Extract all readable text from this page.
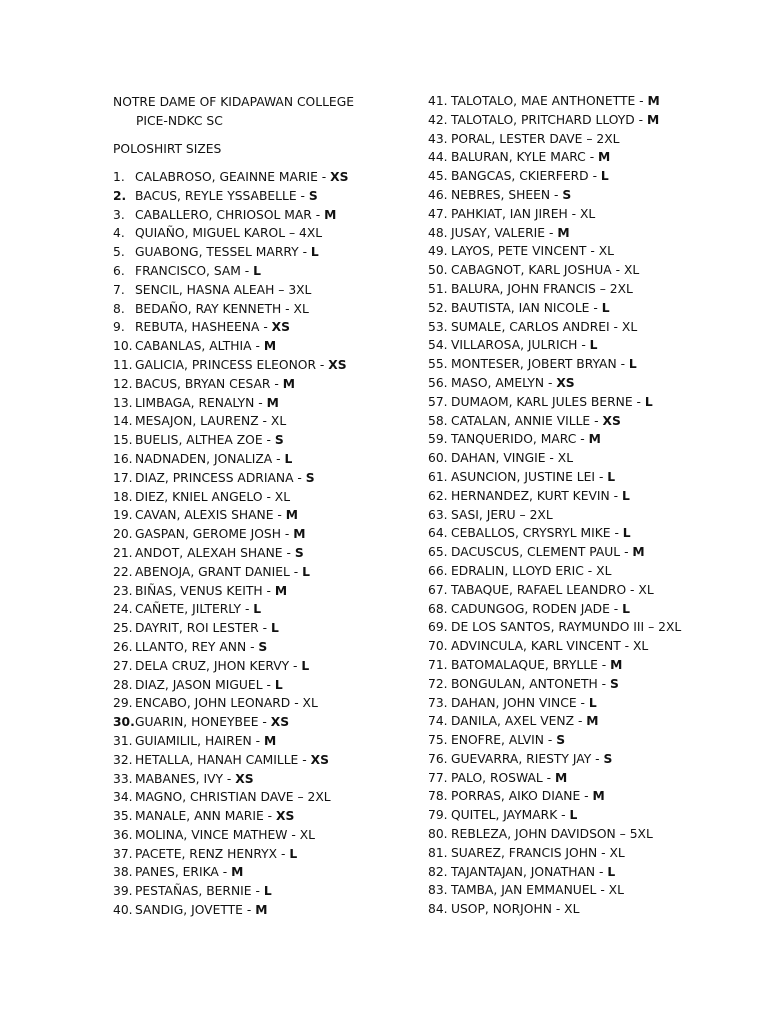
NOTRE DAME OF KIDAPAWAN COLLEGE
PICE-NDKC SC
POLOSHIRT SIZES
1. CALABROSO, GEAINNE MARIE - XS
2. BACUS, REYLE YSSABELLE - S
3. CABALLERO, CHRIOSOL MAR - M
4. QUIAÑO, MIGUEL KAROL – 4XL
5. GUABONG, TESSEL MARRY - L
6. FRANCISCO, SAM - L
7. SENCIL, HASNA ALEAH – 3XL
8. BEDAÑO, RAY KENNETH - XL
9. REBUTA, HASHEENA - XS
10. CABANLAS, ALTHIA - M
11. GALICIA, PRINCESS ELEONOR - XS
12. BACUS, BRYAN CESAR - M
13. LIMBAGA, RENALYN - M
14. MESAJON, LAURENZ - XL
15. BUELIS, ALTHEA ZOE - S
16. NADNADEN, JONALIZA - L
17. DIAZ, PRINCESS ADRIANA - S
18. DIEZ, KNIEL ANGELO - XL
19. CAVAN, ALEXIS SHANE - M
20. GASPAN, GEROME JOSH - M
21. ANDOT, ALEXAH SHANE - S
22. ABENOJA, GRANT DANIEL - L
23. BIÑAS, VENUS KEITH - M
24. CAÑETE, JILTERLY - L
25. DAYRIT, ROI LESTER - L
26. LLANTO, REY ANN - S
27. DELA CRUZ, JHON KERVY - L
28. DIAZ, JASON MIGUEL - L
29. ENCABO, JOHN LEONARD - XL
30. GUARIN, HONEYBEE - XS
31. GUIAMILIL, HAIREN - M
32. HETALLA, HANAH CAMILLE - XS
33. MABANES, IVY - XS
34. MAGNO, CHRISTIAN DAVE – 2XL
35. MANALE, ANN MARIE - XS
36. MOLINA, VINCE MATHEW - XL
37. PACETE, RENZ HENRYX - L
38. PANES, ERIKA - M
39. PESTAÑAS, BERNIE - L
40. SANDIG, JOVETTE - M
41. TALOTALO, MAE ANTHONETTE - M
42. TALOTALO, PRITCHARD LLOYD - M
43. PORAL, LESTER DAVE – 2XL
44. BALURAN, KYLE MARC - M
45. BANGCAS, CKIERFERD - L
46. NEBRES, SHEEN - S
47. PAHKIAT, IAN JIREH - XL
48. JUSAY, VALERIE - M
49. LAYOS, PETE VINCENT - XL
50. CABAGNOT, KARL JOSHUA - XL
51. BALURA, JOHN FRANCIS – 2XL
52. BAUTISTA, IAN NICOLE - L
53. SUMALE, CARLOS ANDREI - XL
54. VILLAROSA, JULRICH - L
55. MONTESER, JOBERT BRYAN - L
56. MASO, AMELYN - XS
57. DUMAOM, KARL JULES BERNE - L
58. CATALAN, ANNIE VILLE - XS
59. TANQUERIDO, MARC - M
60. DAHAN, VINGIE - XL
61. ASUNCION, JUSTINE LEI - L
62. HERNANDEZ, KURT KEVIN - L
63. SASI, JERU – 2XL
64. CEBALLOS, CRYSRYL MIKE - L
65. DACUSCUS, CLEMENT PAUL - M
66. EDRALIN, LLOYD ERIC - XL
67. TABAQUE, RAFAEL LEANDRO - XL
68. CADUNGOG, RODEN JADE - L
69. DE LOS SANTOS, RAYMUNDO III – 2XL
70. ADVINCULA, KARL VINCENT - XL
71. BATOMALAQUE, BRYLLE - M
72. BONGULAN, ANTONETH - S
73. DAHAN, JOHN VINCE - L
74. DANILA, AXEL VENZ - M
75. ENOFRE, ALVIN - S
76. GUEVARRA, RIESTY JAY - S
77. PALO, ROSWAL - M
78. PORRAS, AIKO DIANE - M
79. QUITEL, JAYMARK - L
80. REBLEZA, JOHN DAVIDSON – 5XL
81. SUAREZ, FRANCIS JOHN - XL
82. TAJANTAJAN, JONATHAN - L
83. TAMBA, JAN EMMANUEL - XL
84. USOP, NORJOHN - XL
